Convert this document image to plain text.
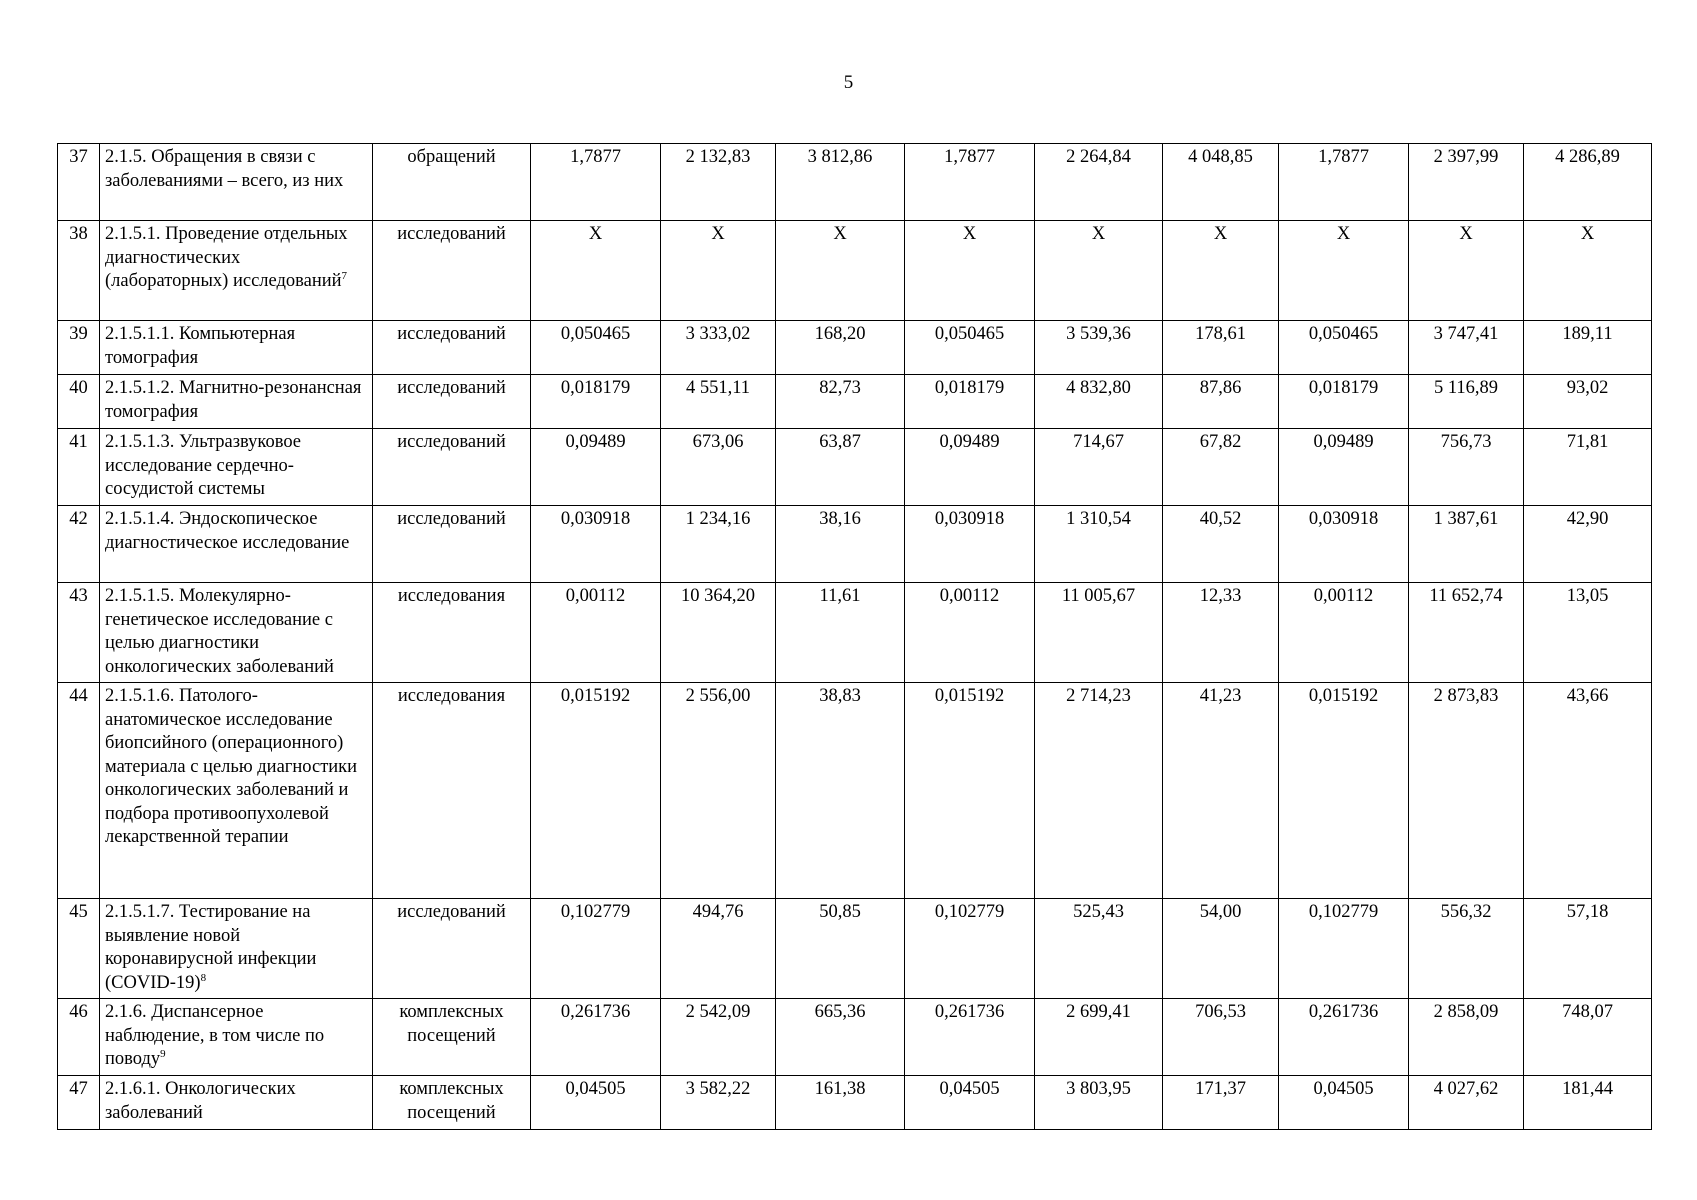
5
37	2.1.5. Обращения в связи с заболеваниями – всего, из них	обращений	1,7877	2 132,83	3 812,86	1,7877	2 264,84	4 048,85	1,7877	2 397,99	4 286,89
38	2.1.5.1. Проведение отдельных диагностических (лабораторных) исследований$^7$	исследований	Х	Х	Х	Х	Х	Х	Х	Х	Х
39	2.1.5.1.1. Компьютерная томография	исследований	0,050465	3 333,02	168,20	0,050465	3 539,36	178,61	0,050465	3 747,41	189,11
40	2.1.5.1.2. Магнитно-резонансная томография	исследований	0,018179	4 551,11	82,73	0,018179	4 832,80	87,86	0,018179	5 116,89	93,02
41	2.1.5.1.3. Ультразвуковое исследование сердечно-сосудистой системы	исследований	0,09489	673,06	63,87	0,09489	714,67	67,82	0,09489	756,73	71,81
42	2.1.5.1.4. Эндоскопическое диагностическое исследование	исследований	0,030918	1 234,16	38,16	0,030918	1 310,54	40,52	0,030918	1 387,61	42,90
43	2.1.5.1.5. Молекулярно-генетическое исследование с целью диагностики онкологических заболеваний	исследования	0,00112	10 364,20	11,61	0,00112	11 005,67	12,33	0,00112	11 652,74	13,05
44	2.1.5.1.6. Патолого-анатомическое исследование биопсийного (операционного) материала с целью диагностики онкологических заболеваний и подбора противоопухолевой лекарственной терапии	исследования	0,015192	2 556,00	38,83	0,015192	2 714,23	41,23	0,015192	2 873,83	43,66
45	2.1.5.1.7. Тестирование на выявление новой коронавирусной инфекции (COVID-19)$^8$	исследований	0,102779	494,76	50,85	0,102779	525,43	54,00	0,102779	556,32	57,18
46	2.1.6. Диспансерное наблюдение, в том числе по поводу$^9$	комплексных посещений	0,261736	2 542,09	665,36	0,261736	2 699,41	706,53	0,261736	2 858,09	748,07
47	2.1.6.1. Онкологических заболеваний	комплексных посещений	0,04505	3 582,22	161,38	0,04505	3 803,95	171,37	0,04505	4 027,62	181,44
